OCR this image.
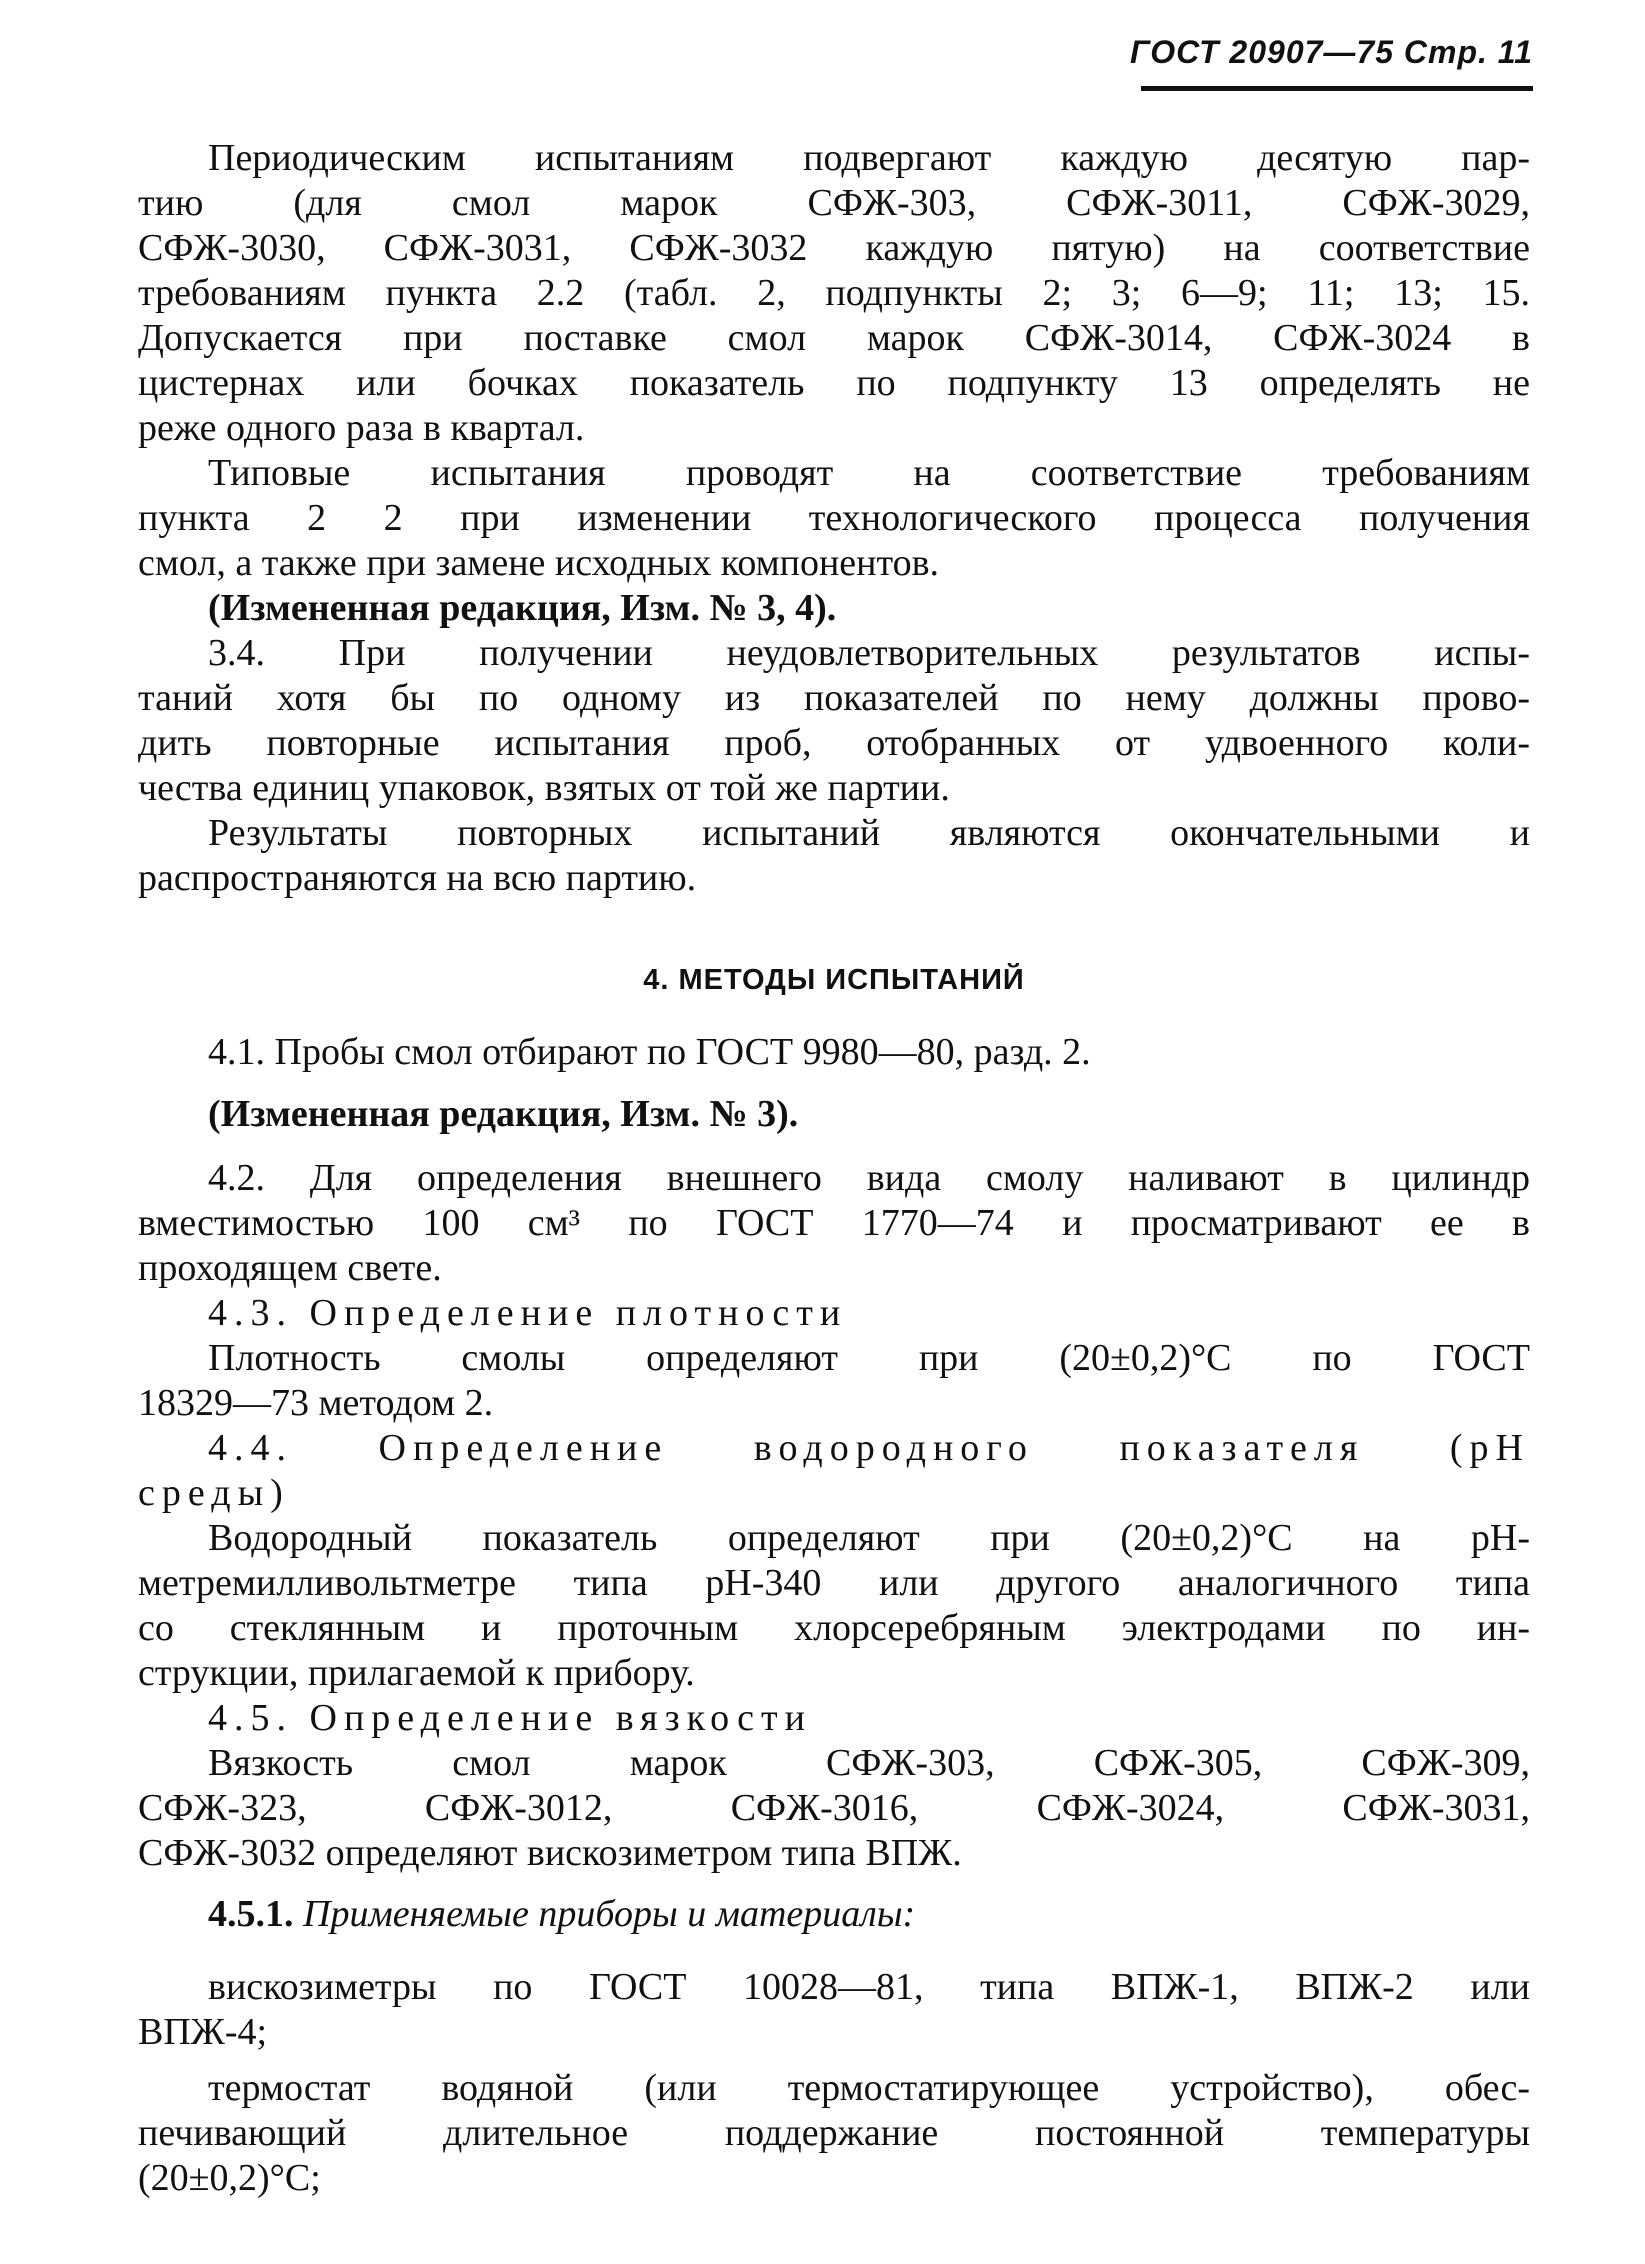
ГОСТ 20907—75 Стр. 11

Периодическим испытаниям подвергают каждую десятую пар-

тию (для смол марок СФЖ-303, СФЖ-3011, СФЖ-3029,

СФЖ-3030, СФЖ-3031, СФЖ-3032 каждую пятую) на соответствие

требованиям пункта 2.2 (табл. 2, подпункты 2; 3; 6—9; 11; 13; 15.

Допускается при поставке смол марок СФЖ-3014, СФЖ-3024 в

цистернах или бочках показатель по подпункту 13 определять не

реже одного раза в квартал.

Типовые испытания проводят на соответствие требованиям

пункта 2 2 при изменении технологического процесса получения

смол, а также при замене исходных компонентов.

(Измененная редакция, Изм. № 3, 4).

3.4. При получении неудовлетворительных результатов испы-

таний хотя бы по одному из показателей по нему должны прово-

дить повторные испытания проб, отобранных от удвоенного коли-

чества единиц упаковок, взятых от той же партии.

Результаты повторных испытаний являются окончательными и

распространяются на всю партию.

4. МЕТОДЫ ИСПЫТАНИЙ

4.1. Пробы смол отбирают по ГОСТ 9980—80, разд. 2.

(Измененная редакция, Изм. № 3).

4.2. Для определения внешнего вида смолу наливают в цилиндр

вместимостью 100 см³ по ГОСТ 1770—74 и просматривают ее в

проходящем свете.

4.3. Определение плотности

Плотность смолы определяют при (20±0,2)°С по ГОСТ

18329—73 методом 2.

4.4. Определение водородного показателя (pH

среды)

Водородный показатель определяют при (20±0,2)°С на pH-

метремилливольтметре типа pH-340 или другого аналогичного типа

со стеклянным и проточным хлорсеребряным электродами по ин-

струкции, прилагаемой к прибору.

4.5. Определение вязкости

Вязкость смол марок СФЖ-303, СФЖ-305, СФЖ-309,

СФЖ-323, СФЖ-3012, СФЖ-3016, СФЖ-3024, СФЖ-3031,

СФЖ-3032 определяют вискозиметром типа ВПЖ.

4.5.1. Применяемые приборы и материалы:

вискозиметры по ГОСТ 10028—81, типа ВПЖ-1, ВПЖ-2 или

ВПЖ-4;

термостат водяной (или термостатирующее устройство), обес-

печивающий длительное поддержание постоянной температуры

(20±0,2)°С;
